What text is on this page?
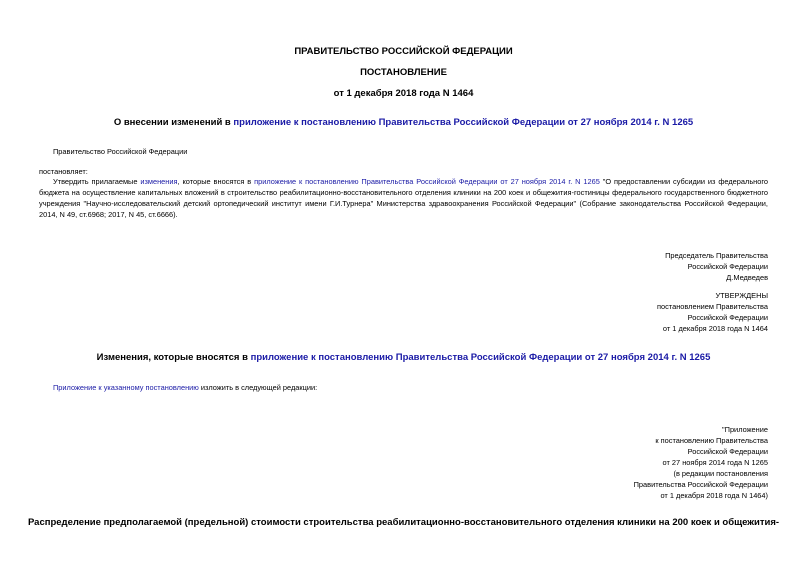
ПРАВИТЕЛЬСТВО РОССИЙСКОЙ ФЕДЕРАЦИИ
ПОСТАНОВЛЕНИЕ
от 1 декабря 2018 года N 1464
О внесении изменений в приложение к постановлению Правительства Российской Федерации от 27 ноября 2014 г. N 1265
Правительство Российской Федерации
постановляет:
Утвердить прилагаемые изменения, которые вносятся в приложение к постановлению Правительства Российской Федерации от 27 ноября 2014 г. N 1265 "О предоставлении субсидии из федерального бюджета на осуществление капитальных вложений в строительство реабилитационно-восстановительного отделения клиники на 200 коек и общежития-гостиницы федерального государственного бюджетного учреждения "Научно-исследовательский детский ортопедический институт имени Г.И.Турнера" Министерства здравоохранения Российской Федерации" (Собрание законодательства Российской Федерации, 2014, N 49, ст.6968; 2017, N 45, ст.6666).
Председатель Правительства
Российской Федерации
Д.Медведев
УТВЕРЖДЕНЫ
постановлением Правительства
Российской Федерации
от 1 декабря 2018 года N 1464
Изменения, которые вносятся в приложение к постановлению Правительства Российской Федерации от 27 ноября 2014 г. N 1265
Приложение к указанному постановлению изложить в следующей редакции:
"Приложение
к постановлению Правительства
Российской Федерации
от 27 ноября 2014 года N 1265
(в редакции постановления
Правительства Российской Федерации
от 1 декабря 2018 года N 1464)
Распределение предполагаемой (предельной) стоимости строительства реабилитационно-восстановительного отделения клиники на 200 коек и общежития-
